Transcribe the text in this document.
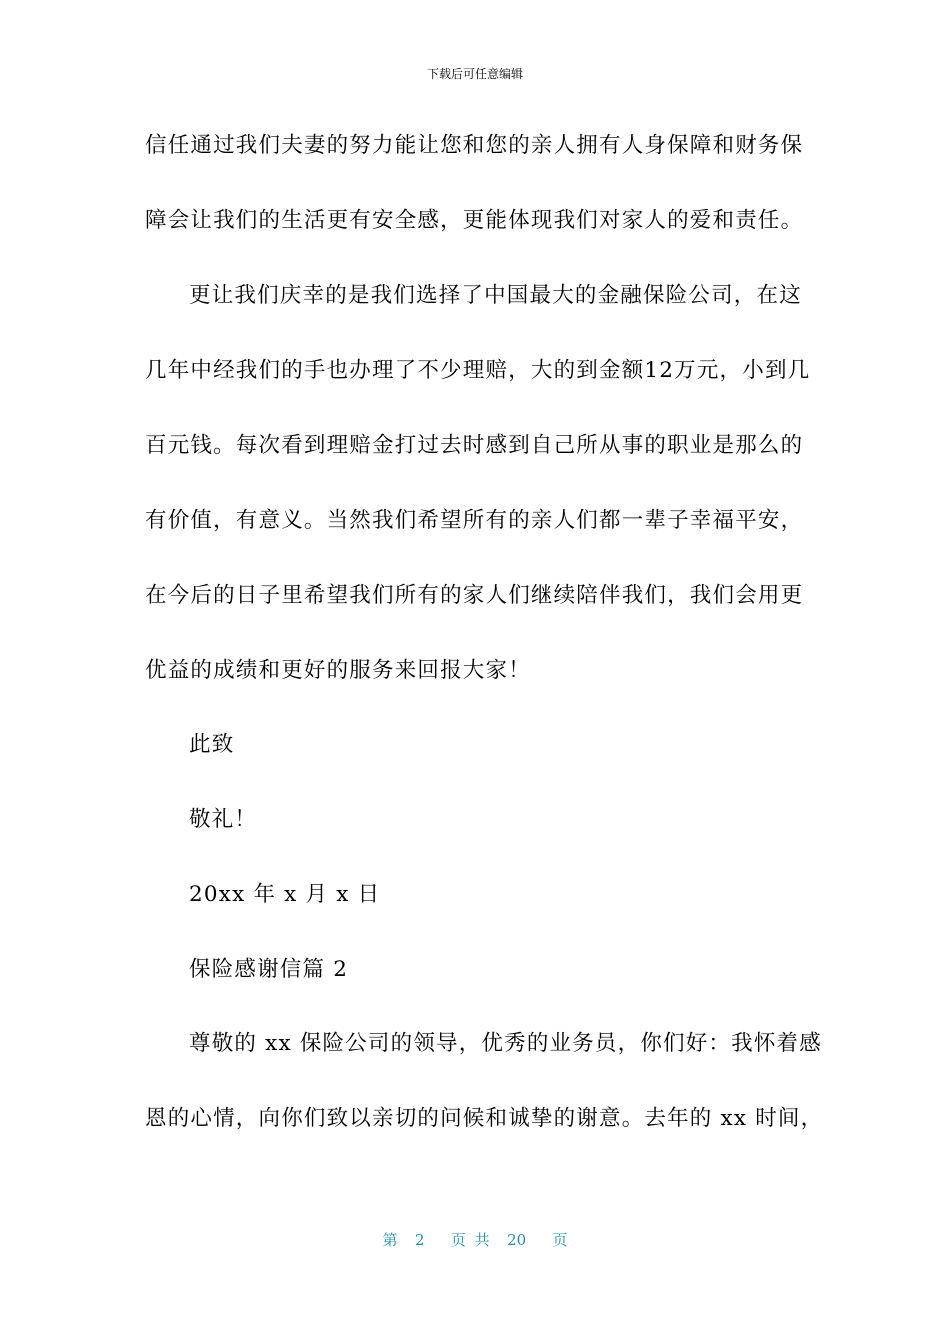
下载后可任意编辑
信任通过我们夫妻的努力能让您和您的亲人拥有人身保障和财务保
障会让我们的生活更有安全感，更能体现我们对家人的爱和责任。
更让我们庆幸的是我们选择了中国最大的金融保险公司，在这
几年中经我们的手也办理了不少理赔，大的到金额12万元，小到几
百元钱。每次看到理赔金打过去时感到自己所从事的职业是那么的
有价值，有意义。当然我们希望所有的亲人们都一辈子幸福平安，
在今后的日子里希望我们所有的家人们继续陪伴我们，我们会用更
优益的成绩和更好的服务来回报大家！
此致
敬礼！
20xx 年 x 月 x 日
保险感谢信篇 2
尊敬的 xx 保险公司的领导，优秀的业务员，你们好：我怀着感
恩的心情，向你们致以亲切的问候和诚挚的谢意。去年的 xx 时间，
第  2   页 共  20   页
